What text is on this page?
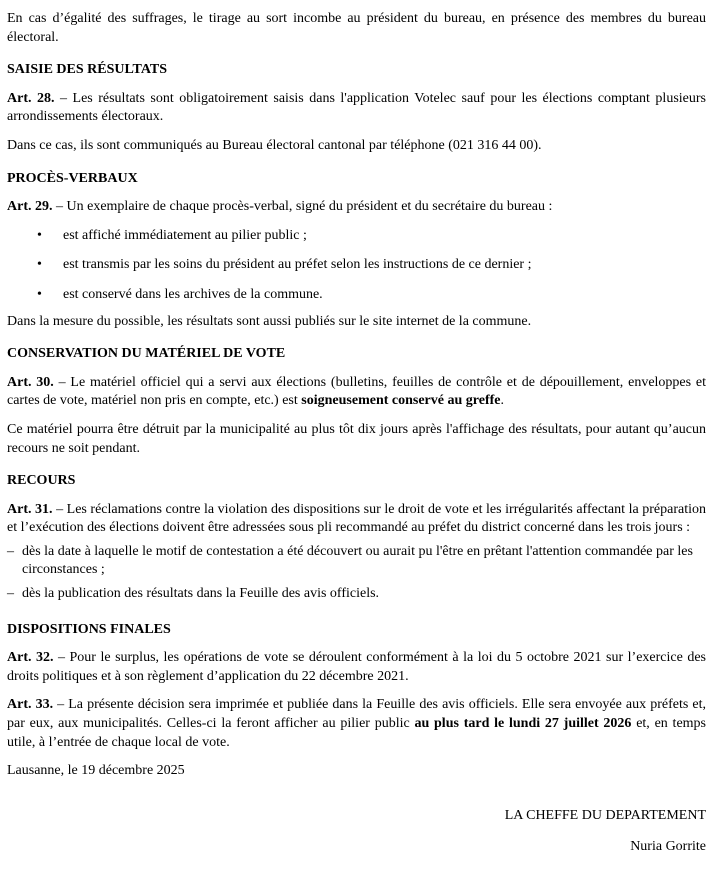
En cas d’égalité des suffrages, le tirage au sort incombe au président du bureau, en présence des membres du bureau électoral.

SAISIE DES RÉSULTATS

Art. 28. – Les résultats sont obligatoirement saisis dans l'application Votelec sauf pour les élections comptant plusieurs arrondissements électoraux.

Dans ce cas, ils sont communiqués au Bureau électoral cantonal par téléphone (021 316 44 00).

PROCÈS-VERBAUX

Art. 29. – Un exemplaire de chaque procès-verbal, signé du président et du secrétaire du bureau :

• est affiché immédiatement au pilier public ;
• est transmis par les soins du président au préfet selon les instructions de ce dernier ;
• est conservé dans les archives de la commune.

Dans la mesure du possible, les résultats sont aussi publiés sur le site internet de la commune.

CONSERVATION DU MATÉRIEL DE VOTE

Art. 30. – Le matériel officiel qui a servi aux élections (bulletins, feuilles de contrôle et de dépouillement, enveloppes et cartes de vote, matériel non pris en compte, etc.) est soigneusement conservé au greffe.

Ce matériel pourra être détruit par la municipalité au plus tôt dix jours après l'affichage des résultats, pour autant qu’aucun recours ne soit pendant.

RECOURS

Art. 31. – Les réclamations contre la violation des dispositions sur le droit de vote et les irrégularités affectant la préparation et l’exécution des élections doivent être adressées sous pli recommandé au préfet du district concerné dans les trois jours :

– dès la date à laquelle le motif de contestation a été découvert ou aurait pu l'être en prêtant l'attention commandée par les circonstances ;
– dès la publication des résultats dans la Feuille des avis officiels.
DISPOSITIONS FINALES

Art. 32. – Pour le surplus, les opérations de vote se déroulent conformément à la loi du 5 octobre 2021 sur l’exercice des droits politiques et à son règlement d’application du 22 décembre 2021.

Art. 33. – La présente décision sera imprimée et publiée dans la Feuille des avis officiels. Elle sera envoyée aux préfets et, par eux, aux municipalités. Celles-ci la feront afficher au pilier public au plus tard le lundi 27 juillet 2026 et, en temps utile, à l’entrée de chaque local de vote.

Lausanne, le 19 décembre 2025

LA CHEFFE DU DEPARTEMENT

Nuria Gorrite
